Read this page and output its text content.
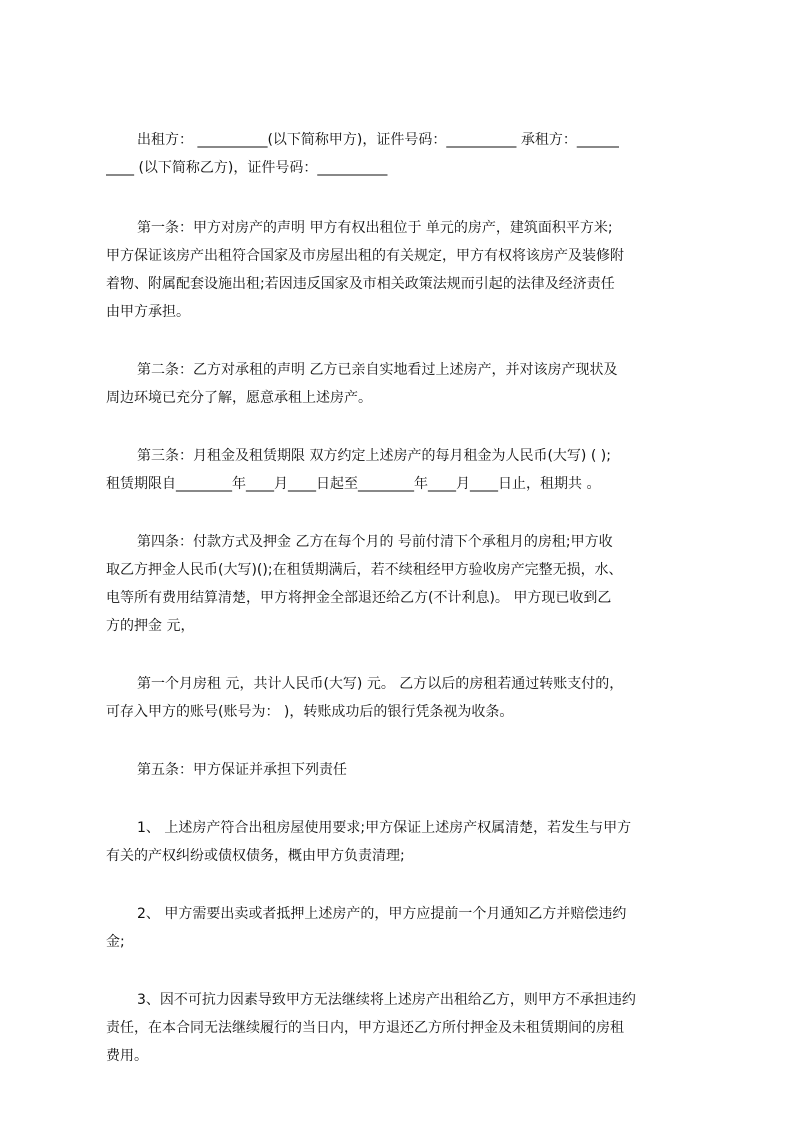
出租方： __________(以下简称甲方)，证件号码：__________ 承租方：______
____ (以下简称乙方)，证件号码：__________

第一条：甲方对房产的声明 甲方有权出租位于 单元的房产，建筑面积平方米;
甲方保证该房产出租符合国家及市房屋出租的有关规定，甲方有权将该房产及装修附
着物、附属配套设施出租;若因违反国家及市相关政策法规而引起的法律及经济责任
由甲方承担。

第二条：乙方对承租的声明 乙方已亲自实地看过上述房产，并对该房产现状及
周边环境已充分了解，愿意承租上述房产。

第三条：月租金及租赁期限 双方约定上述房产的每月租金为人民币(大写) ( );
租赁期限自________年____月____日起至________年____月____日止，租期共 。

第四条：付款方式及押金 乙方在每个月的 号前付清下个承租月的房租;甲方收
取乙方押金人民币(大写)();在租赁期满后，若不续租经甲方验收房产完整无损，水、
电等所有费用结算清楚，甲方将押金全部退还给乙方(不计利息)。 甲方现已收到乙
方的押金 元，

第一个月房租 元，共计人民币(大写) 元。 乙方以后的房租若通过转账支付的，
可存入甲方的账号(账号为： )，转账成功后的银行凭条视为收条。

第五条：甲方保证并承担下列责任

1、 上述房产符合出租房屋使用要求;甲方保证上述房产权属清楚，若发生与甲方
有关的产权纠纷或债权债务，概由甲方负责清理;

2、 甲方需要出卖或者抵押上述房产的，甲方应提前一个月通知乙方并赔偿违约
金;

3、因不可抗力因素导致甲方无法继续将上述房产出租给乙方，则甲方不承担违约
责任，在本合同无法继续履行的当日内，甲方退还乙方所付押金及未租赁期间的房租
费用。
